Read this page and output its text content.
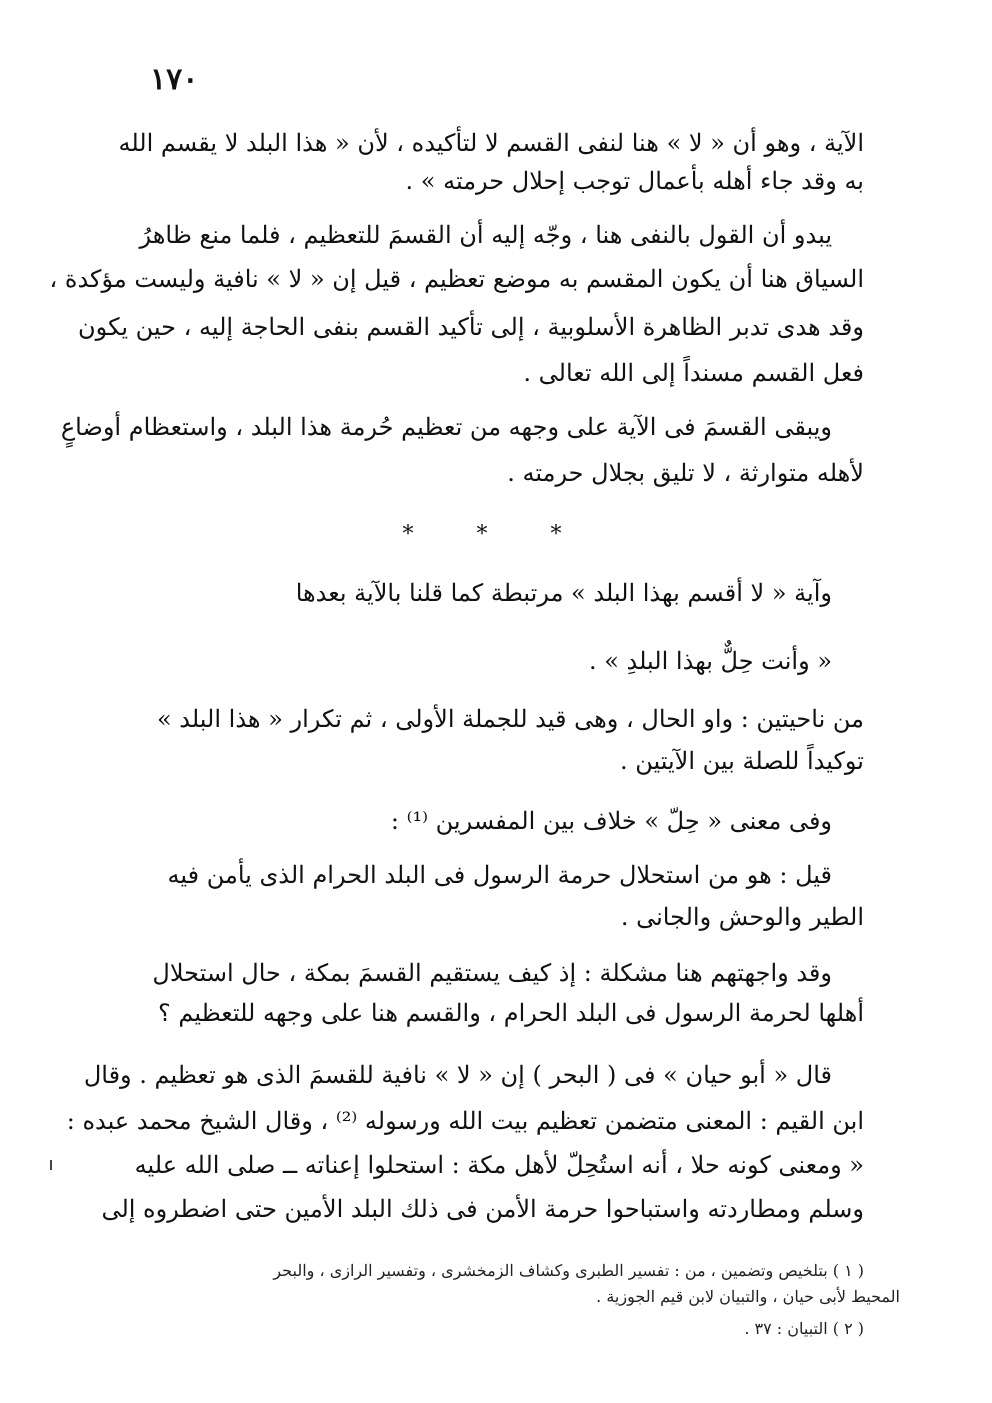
١٧٠
الآية ، وهو أن « لا » هنا لنفى القسم لا لتأكيده ، لأن « هذا البلد لا يقسم الله
به وقد جاء أهله بأعمال توجب إحلال حرمته » .
يبدو أن القول بالنفى هنا ، وجّه إليه أن القسمَ للتعظيم ، فلما منع ظاهرُ
السياق هنا أن يكون المقسم به موضع تعظيم ، قيل إن « لا » نافية وليست مؤكدة ،
وقد هدى تدبر الظاهرة الأسلوبية ، إلى تأكيد القسم بنفى الحاجة إليه ، حين يكون
فعل القسم مسنداً إلى الله تعالى .
ويبقى القسمَ فى الآية على وجهه من تعظيم حُرمة هذا البلد ، واستعظام أوضاعٍ
لأهله متوارثة ، لا تليق بجلال حرمته .
* * *
وآية « لا أقسم بهذا البلد » مرتبطة كما قلنا بالآية بعدها
« وأنت حِلٌّ بهذا البلدِ » .
من ناحيتين : واو الحال ، وهى قيد للجملة الأولى ، ثم تكرار « هذا البلد »
توكيداً للصلة بين الآيتين .
وفى معنى « حِلّ » خلاف بين المفسرين ⁽¹⁾ :
قيل : هو من استحلال حرمة الرسول فى البلد الحرام الذى يأمن فيه
الطير والوحش والجانى .
وقد واجهتهم هنا مشكلة : إذ كيف يستقيم القسمَ بمكة ، حال استحلال
أهلها لحرمة الرسول فى البلد الحرام ، والقسم هنا على وجهه للتعظيم ؟
قال « أبو حيان » فى ( البحر ) إن « لا » نافية للقسمَ الذى هو تعظيم . وقال
ابن القيم : المعنى متضمن تعظيم بيت الله ورسوله ⁽²⁾ ، وقال الشيخ محمد عبده :
« ومعنى كونه حلا ، أنه استُحِلّ لأهل مكة : استحلوا إعناته ــ صلى الله عليه
وسلم ومطاردته واستباحوا حرمة الأمن فى ذلك البلد الأمين حتى اضطروه إلى
( ١ ) بتلخيص وتضمين ، من : تفسير الطبرى وكشاف الزمخشرى ، وتفسير الرازى ، والبحر
المحيط لأبى حيان ، والتبيان لابن قيم الجوزية .
( ٢ ) التبيان : ٣٧ .
